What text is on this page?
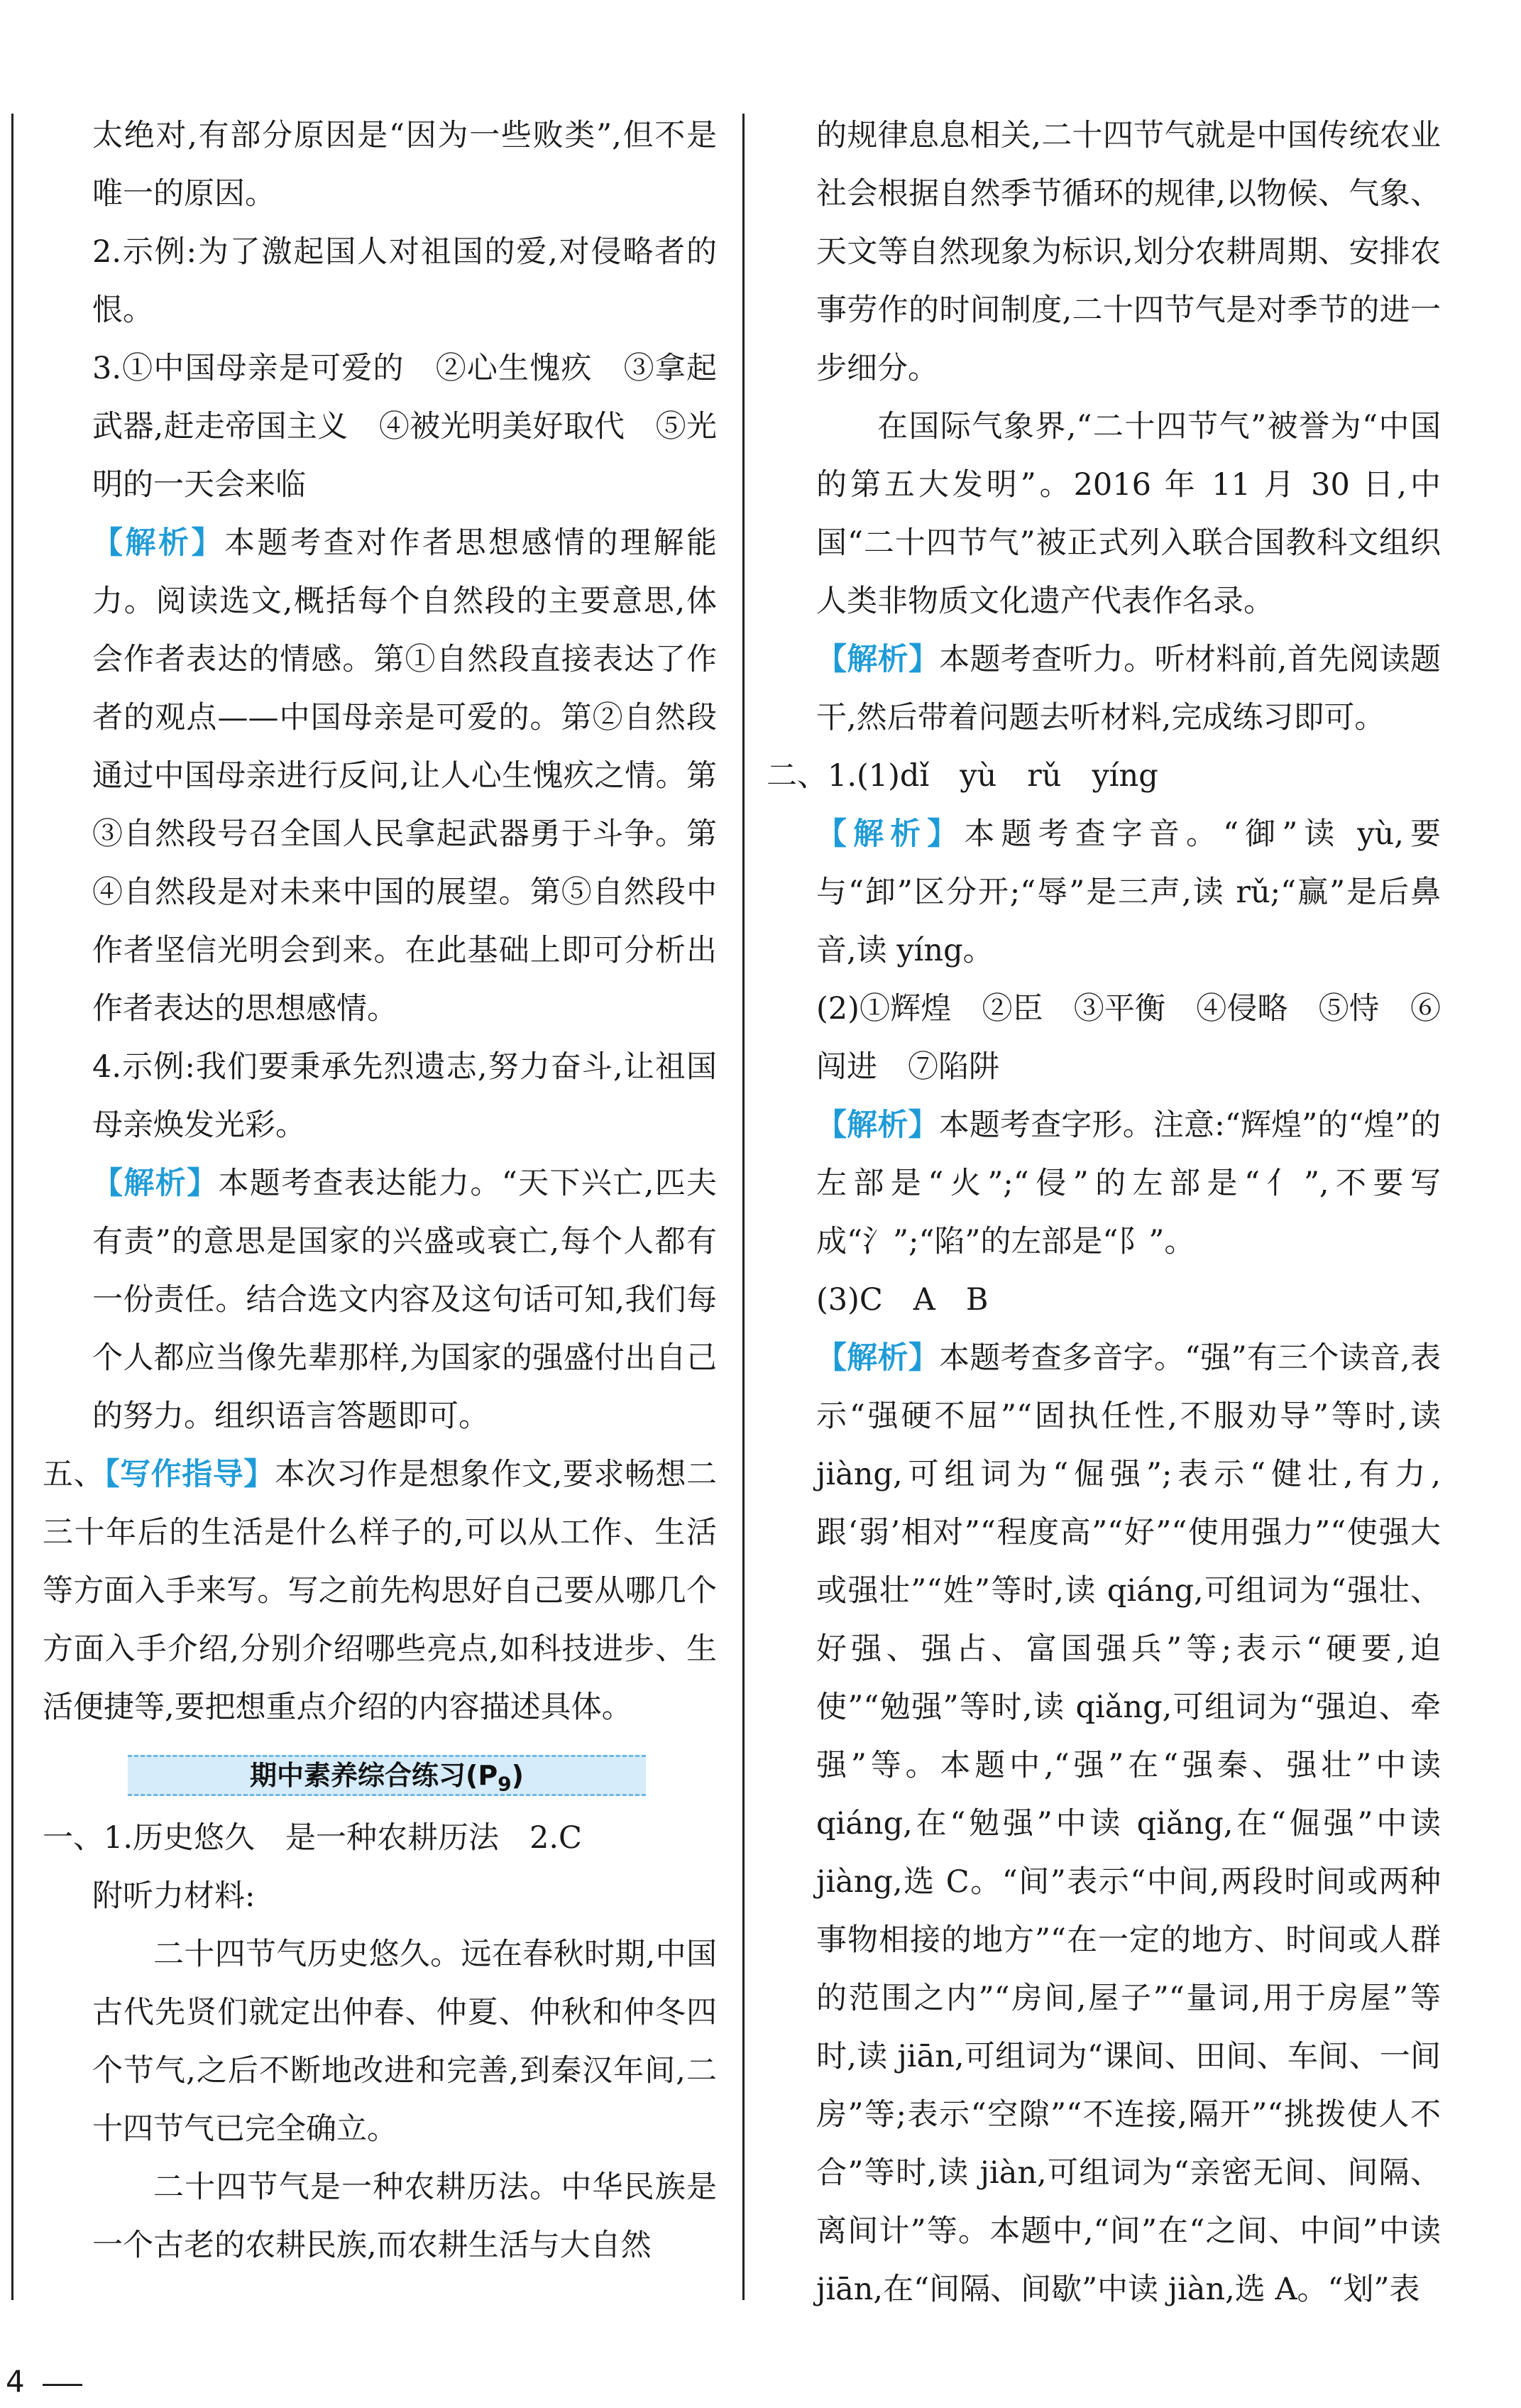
太绝对,有部分原因是“因为一些败类”,但不是唯一的原因。

2.示例:为了激起国人对祖国的爱,对侵略者的恨。

3.①中国母亲是可爱的　②心生愧疚　③拿起武器,赶走帝国主义　④被光明美好取代　⑤光明的一天会来临

【解析】本题考查对作者思想感情的理解能力。阅读选文,概括每个自然段的主要意思,体会作者表达的情感。第①自然段直接表达了作者的观点——中国母亲是可爱的。第②自然段通过中国母亲进行反问,让人心生愧疚之情。第③自然段号召全国人民拿起武器勇于斗争。第④自然段是对未来中国的展望。第⑤自然段中作者坚信光明会到来。在此基础上即可分析出作者表达的思想感情。

4.示例:我们要秉承先烈遗志,努力奋斗,让祖国母亲焕发光彩。

【解析】本题考查表达能力。“天下兴亡,匹夫有责”的意思是国家的兴盛或衰亡,每个人都有一份责任。结合选文内容及这句话可知,我们每个人都应当像先辈那样,为国家的强盛付出自己的努力。组织语言答题即可。

五、【写作指导】本次习作是想象作文,要求畅想二三十年后的生活是什么样子的,可以从工作、生活等方面入手来写。写之前先构思好自己要从哪几个方面入手介绍,分别介绍哪些亮点,如科技进步、生活便捷等,要把想重点介绍的内容描述具体。

期中素养综合练习$(P_9)$

一、1.历史悠久　是一种农耕历法　2.C

附听力材料:

二十四节气历史悠久。远在春秋时期,中国古代先贤们就定出仲春、仲夏、仲秋和仲冬四个节气,之后不断地改进和完善,到秦汉年间,二十四节气已完全确立。

二十四节气是一种农耕历法。中华民族是一个古老的农耕民族,而农耕生活与大自然

的规律息息相关,二十四节气就是中国传统农业社会根据自然季节循环的规律,以物候、气象、天文等自然现象为标识,划分农耕周期、安排农事劳作的时间制度,二十四节气是对季节的进一步细分。

在国际气象界,“二十四节气”被誉为“中国的第五大发明”。2016 年 11 月 30 日,中国“二十四节气”被正式列入联合国教科文组织人类非物质文化遗产代表作名录。

【解析】本题考查听力。听材料前,首先阅读题干,然后带着问题去听材料,完成练习即可。

二、1.(1)dǐ　yù　rǔ　yíng

【解析】本题考查字音。“御”读 yù,要与“卸”区分开;“辱”是三声,读 rǔ;“赢”是后鼻音,读 yíng。

(2)①辉煌　②臣　③平衡　④侵略　⑤恃　⑥闯进　⑦陷阱

【解析】本题考查字形。注意:“辉煌”的“煌”的左部是“火”;“侵”的左部是“亻”,不要写成“氵”;“陷”的左部是“阝”。

(3)C　A　B

【解析】本题考查多音字。“强”有三个读音,表示“强硬不屈”“固执任性,不服劝导”等时,读 jiàng,可组词为“倔强”;表示“健壮,有力,跟‘弱’相对”“程度高”“好”“使用强力”“使强大或强壮”“姓”等时,读 qiáng,可组词为“强壮、好强、强占、富国强兵”等;表示“硬要,迫使”“勉强”等时,读 qiǎng,可组词为“强迫、牵强”等。本题中,“强”在“强秦、强壮”中读 qiáng,在“勉强”中读 qiǎng,在“倔强”中读 jiàng,选 C。“间”表示“中间,两段时间或两种事物相接的地方”“在一定的地方、时间或人群的范围之内”“房间,屋子”“量词,用于房屋”等时,读 jiān,可组词为“课间、田间、车间、一间房”等;表示“空隙”“不连接,隔开”“挑拨使人不合”等时,读 jiàn,可组词为“亲密无间、间隔、离间计”等。本题中,“间”在“之间、中间”中读 jiān,在“间隔、间歇”中读 jiàn,选 A。“划”表

4
